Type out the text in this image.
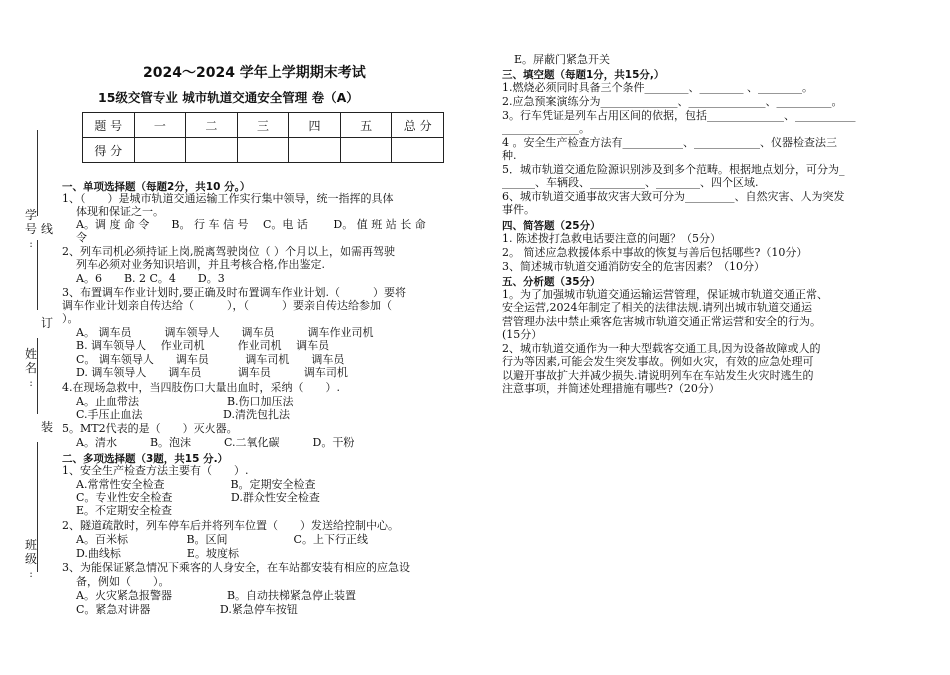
学号
:
线
订
姓名
:
装
班级
:
2024～2024 学年上学期期末考试
15级交管专业 城市轨道交通安全管理 卷（A）
题 号	一	二	三	四	五	总 分
得 分						
一、单项选择题（每题2分，共10 分。）
1、（　　）是城市轨道交通运输工作实行集中领导，统一指挥的具体
体现和保证之一。
A。调 度 命 令　　B。 行 车 信 号　 C。电 话　　 D。 值 班 站 长 命
令
2、列车司机必须持证上岗,脱离驾驶岗位（ ）个月以上，如需再驾驶
列车必须对业务知识培训，并且考核合格,作出鉴定.
A。6　　B. 2 C。4　　D。3
3、布置调车作业计划时,要正确及时布置调车作业计划.（　　　）要将
调车作业计划亲自传达给（　　　），（　　　）要亲自传达给参加（
）。
A。 调车员　　　调车领导人　　调车员　　　调车作业司机
B. 调车领导人　 作业司机　　　作业司机　 调车员
C。 调车领导人　　调车员　　　 调车司机　　调车员
D. 调车领导人　　调车员　　　 调车员　　　调车司机
4.在现场急救中，当四肢伤口大量出血时，采纳（　　）.
A。止血带法　　　　　　　　B.伤口加压法
C.手压止血法　　　　　　　 D.清洗包扎法
5。MT2代表的是（　　）灭火器。
A。清水　　　B。泡沫　　　C.二氧化碳　　　D。干粉
二、多项选择题（3题，共15 分.）
1、安全生产检查方法主要有（　　）.
A.常常性安全检查　　　　　　B。定期安全检查
C。专业性安全检查　　　　　 D.群众性安全检查
E。不定期安全检查
2、隧道疏散时，列车停车后并将列车位置（　　）发送给控制中心。
A。百米标　　　　　 B。区间　　　　　　C。上下行正线
D.曲线标　　　　　　E。坡度标
3、为能保证紧急情况下乘客的人身安全，在车站都安装有相应的应急设
备，例如（　　）。
A。火灾紧急报警器　　　　　B。自动扶梯紧急停止装置
C。紧急对讲器　　　　　　 D.紧急停车按钮
E。屏蔽门紧急开关
三、填空题（每题1分，共15分,）
1.燃烧必须同时具备三个条件________、________ 、________。
2.应急预案演练分为______________、______________、__________。
3。行车凭证是列车占用区间的依据，包括______________、___________
______________。
4 。安全生产检查方法有___________、____________、仪器检查法三
种.
5．城市轨道交通危险源识别涉及到多个范畴。根据地点划分，可分为_
______、车辆段、__________、________、四个区域.
6、城市轨道交通事故灾害大致可分为_________、自然灾害、人为突发
事件。
四、简答题（25分）
1. 陈述拨打急救电话要注意的问题？（5分）
2。 简述应急救援体系中事故的恢复与善后包括哪些?（10分）
3、简述城市轨道交通消防安全的危害因素？（10分）
五、分析题（35分）
1。为了加强城市轨道交通运输运营管理，保证城市轨道交通正常、
安全运营,2024年制定了相关的法律法规.请列出城市轨道交通运
营管理办法中禁止乘客危害城市轨道交通正常运营和安全的行为。
(15分）
2、城市轨道交通作为一种大型载客交通工具,因为设备故障或人的
行为等因素,可能会发生突发事故。例如火灾，有效的应急处理可
以避开事故扩大并减少损失.请说明列车在车站发生火灾时逃生的
注意事项，并简述处理措施有哪些?（20分）
